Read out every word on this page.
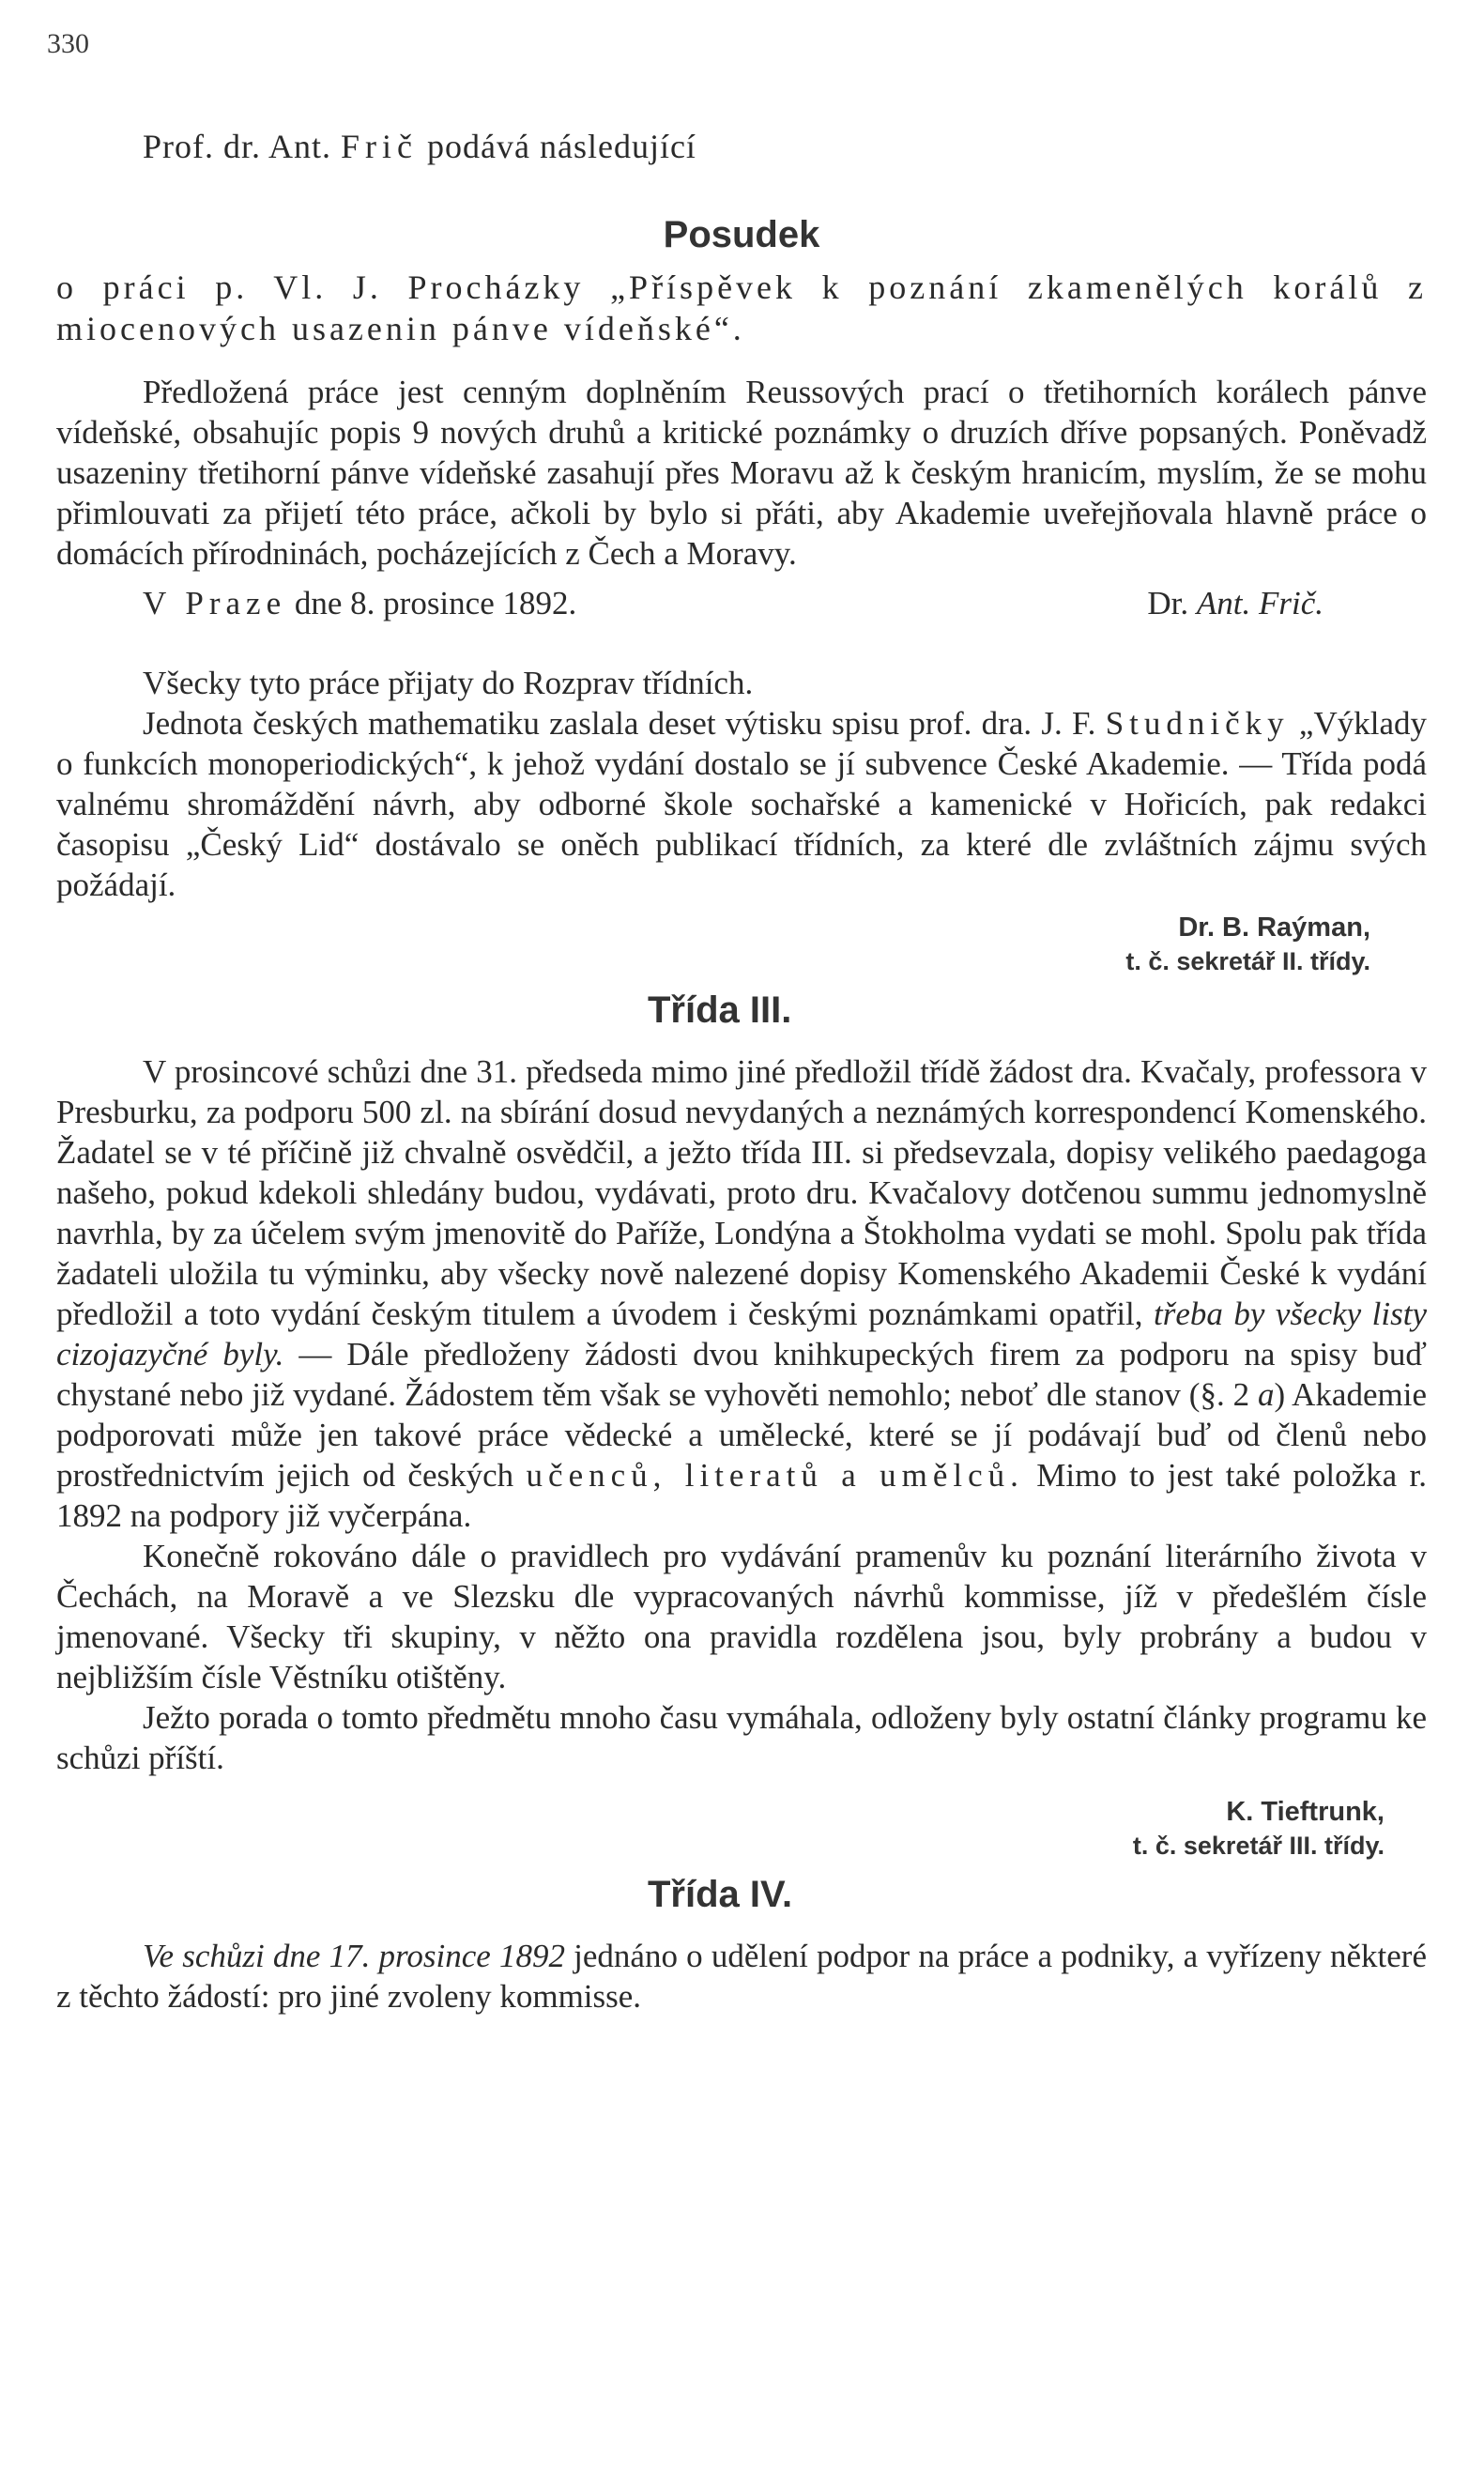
330

Prof. dr. Ant. Frič podává následující

Posudek
o práci p. Vl. J. Procházky „Příspěvek k poznání zkamenělých korálů z miocenových usazenin pánve vídeňské“.

Předložená práce jest cenným doplněním Reussových prací o třetihorních korálech pánve vídeňské, obsahujíc popis 9 nových druhů a kritické poznámky o druzích dříve popsaných. Poněvadž usazeniny třetihorní pánve vídeňské zasahují přes Moravu až k českým hranicím, myslím, že se mohu přimlouvati za přijetí této práce, ačkoli by bylo si přáti, aby Akademie uveřejňovala hlavně práce o domácích přírodninách, pocházejících z Čech a Moravy.

V Praze dne 8. prosince 1892.	Dr. Ant. Frič.

Všecky tyto práce přijaty do Rozprav třídních.

Jednota českých mathematiku zaslala deset výtisku spisu prof. dra. J. F. Studničky „Výklady o funkcích monoperiodických“, k jehož vydání dostalo se jí subvence České Akademie. — Třída podá valnému shromáždění návrh, aby odborné škole sochařské a kamenické v Hořicích, pak redakci časopisu „Český Lid“ dostávalo se oněch publikací třídních, za které dle zvláštních zájmu svých požádají.

Dr. B. Raýman,
t. č. sekretář II. třídy.
Třída III.

V prosincové schůzi dne 31. předseda mimo jiné předložil třídě žádost dra. Kvačaly, professora v Presburku, za podporu 500 zl. na sbírání dosud nevydaných a neznámých korrespondencí Komenského. Žadatel se v té příčině již chvalně osvědčil, a ježto třída III. si předsevzala, dopisy velikého paedagoga našeho, pokud kdekoli shledány budou, vydávati, proto dru. Kvačalovy dotčenou summu jednomyslně navrhla, by za účelem svým jmenovitě do Paříže, Londýna a Štokholma vydati se mohl. Spolu pak třída žadateli uložila tu výminku, aby všecky nově nalezené dopisy Komenského Akademii České k vydání předložil a toto vydání českým titulem a úvodem i českými poznámkami opatřil, třeba by všecky listy cizojazyčné byly. — Dále předloženy žádosti dvou knihkupeckých firem za podporu na spisy buď chystané nebo již vydané. Žádostem těm však se vyhověti nemohlo; neboť dle stanov (§. 2 a) Akademie podporovati může jen takové práce vědecké a umělecké, které se jí podávají buď od členů nebo prostřednictvím jejich od českých učenců, literatů a umělců. Mimo to jest také položka r. 1892 na podpory již vyčerpána.

Konečně rokováno dále o pravidlech pro vydávání pramenův ku poznání literárního života v Čechách, na Moravě a ve Slezsku dle vypracovaných návrhů kommisse, jíž v předešlém čísle jmenované. Všecky tři skupiny, v něžto ona pravidla rozdělena jsou, byly probrány a budou v nejbližším čísle Věstníku otištěny.

Ježto porada o tomto předmětu mnoho času vymáhala, odloženy byly ostatní články programu ke schůzi příští.

K. Tieftrunk,
t. č. sekretář III. třídy.
Třída IV.

Ve schůzi dne 17. prosince 1892 jednáno o udělení podpor na práce a podniky, a vyřízeny některé z těchto žádostí: pro jiné zvoleny kommisse.
